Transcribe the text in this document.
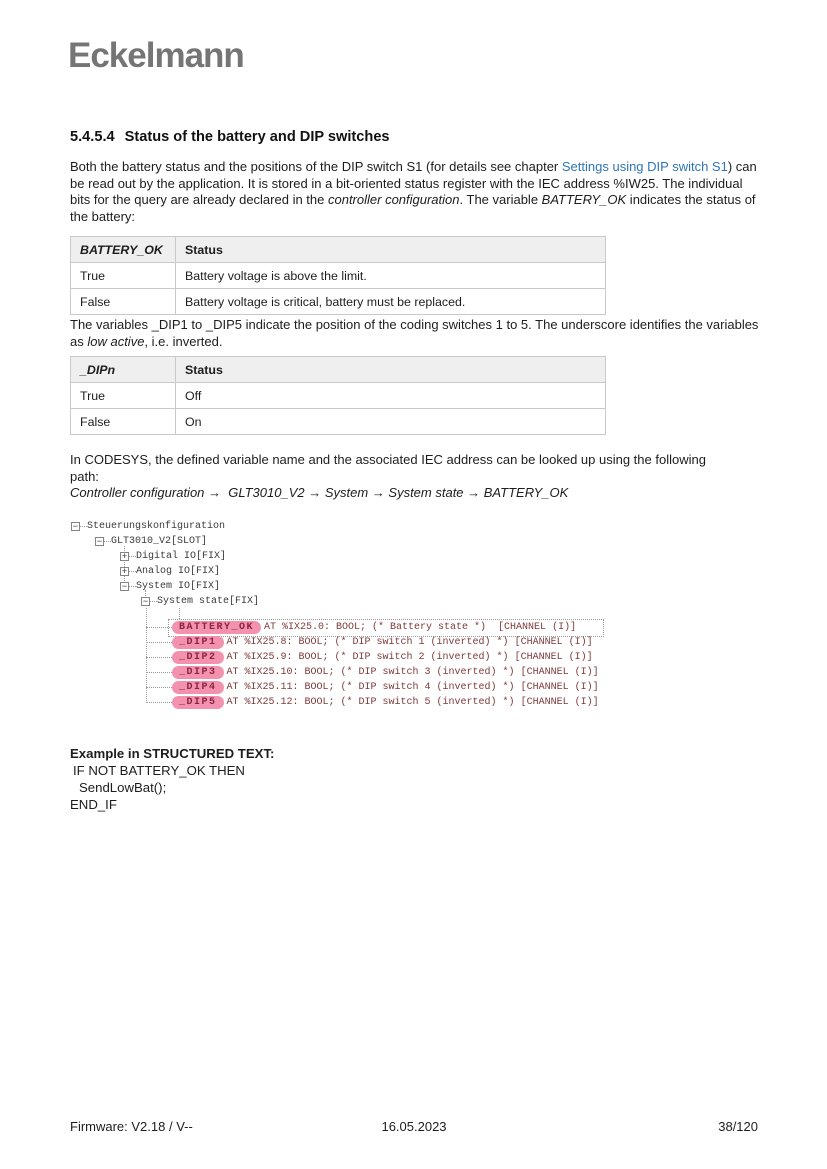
Eckelmann
5.4.5.4 Status of the battery and DIP switches

Both the battery status and the positions of the DIP switch S1 (for details see chapter Settings using DIP switch S1) can be read out by the application. It is stored in a bit-oriented status register with the IEC address %IW25. The individual bits for the query are already declared in the controller configuration. The variable BATTERY_OK indicates the status of the battery:

BATTERY_OK	Status
True	Battery voltage is above the limit.
False	Battery voltage is critical, battery must be replaced.

The variables _DIP1 to _DIP5 indicate the position of the coding switches 1 to 5. The underscore identifies the variables as low active, i.e. inverted.

_DIPn	Status
True	Off
False	On

In CODESYS, the defined variable name and the associated IEC address can be looked up using the following
path:
Controller configuration →  GLT3010_V2 → System → System state → BATTERY_OK

− Steuerungskonfiguration
− GLT3010_V2[SLOT]
+ Digital IO[FIX]
+ Analog IO[FIX]
− System IO[FIX]
− System state[FIX]
BATTERY_OK	AT %IX25.0: BOOL; (* Battery state *)  [CHANNEL (I)]
_DIP1	AT %IX25.8: BOOL; (* DIP switch 1 (inverted) *) [CHANNEL (I)]
_DIP2	AT %IX25.9: BOOL; (* DIP switch 2 (inverted) *) [CHANNEL (I)]
_DIP3	AT %IX25.10: BOOL; (* DIP switch 3 (inverted) *) [CHANNEL (I)]
_DIP4	AT %IX25.11: BOOL; (* DIP switch 4 (inverted) *) [CHANNEL (I)]
_DIP5	AT %IX25.12: BOOL; (* DIP switch 5 (inverted) *) [CHANNEL (I)]
Example in STRUCTURED TEXT:
IF NOT BATTERY_OK THEN
SendLowBat();
END_IF
Firmware: V2.18 / V--	16.05.2023	38/120
